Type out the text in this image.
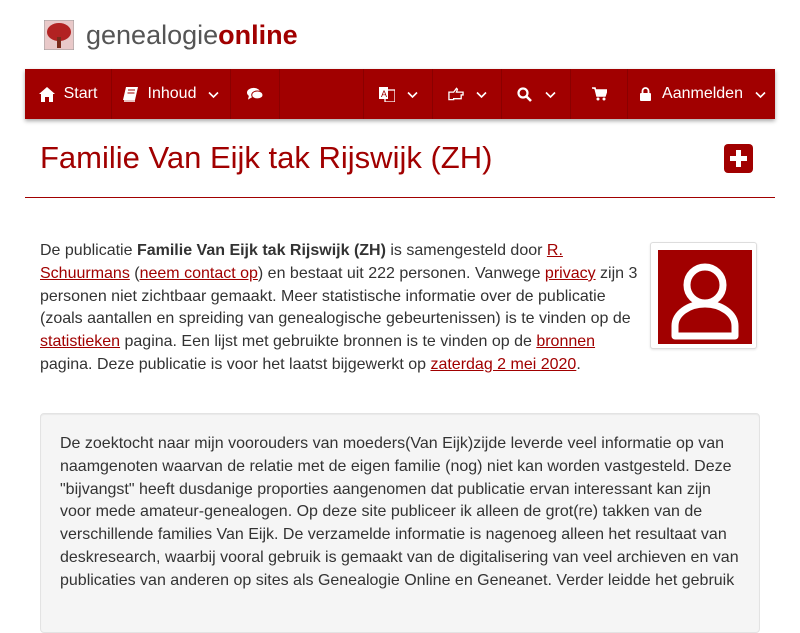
genealogieonline
Start	Inhoud	A	Aanmelden
Familie Van Eijk tak Rijswijk (ZH)

De publicatie Familie Van Eijk tak Rijswijk (ZH) is samengesteld door R. Schuurmans (neem contact op) en bestaat uit 222 personen. Vanwege privacy zijn 3 personen niet zichtbaar gemaakt. Meer statistische informatie over de publicatie (zoals aantallen en spreiding van genealogische gebeurtenissen) is te vinden op de statistieken pagina. Een lijst met gebruikte bronnen is te vinden op de bronnen pagina. Deze publicatie is voor het laatst bijgewerkt op zaterdag 2 mei 2020.

De zoektocht naar mijn voorouders van moeders(Van Eijk)zijde leverde veel informatie op van naamgenoten waarvan de relatie met de eigen familie (nog) niet kan worden vastgesteld. Deze "bijvangst" heeft dusdanige proporties aangenomen dat publicatie ervan interessant kan zijn voor mede amateur-genealogen. Op deze site publiceer ik alleen de grot(re) takken van de verschillende families Van Eijk. De verzamelde informatie is nagenoeg alleen het resultaat van deskresearch, waarbij vooral gebruik is gemaakt van de digitalisering van veel archieven en van publicaties van anderen op sites als Genealogie Online en Geneanet. Verder leidde het gebruik
